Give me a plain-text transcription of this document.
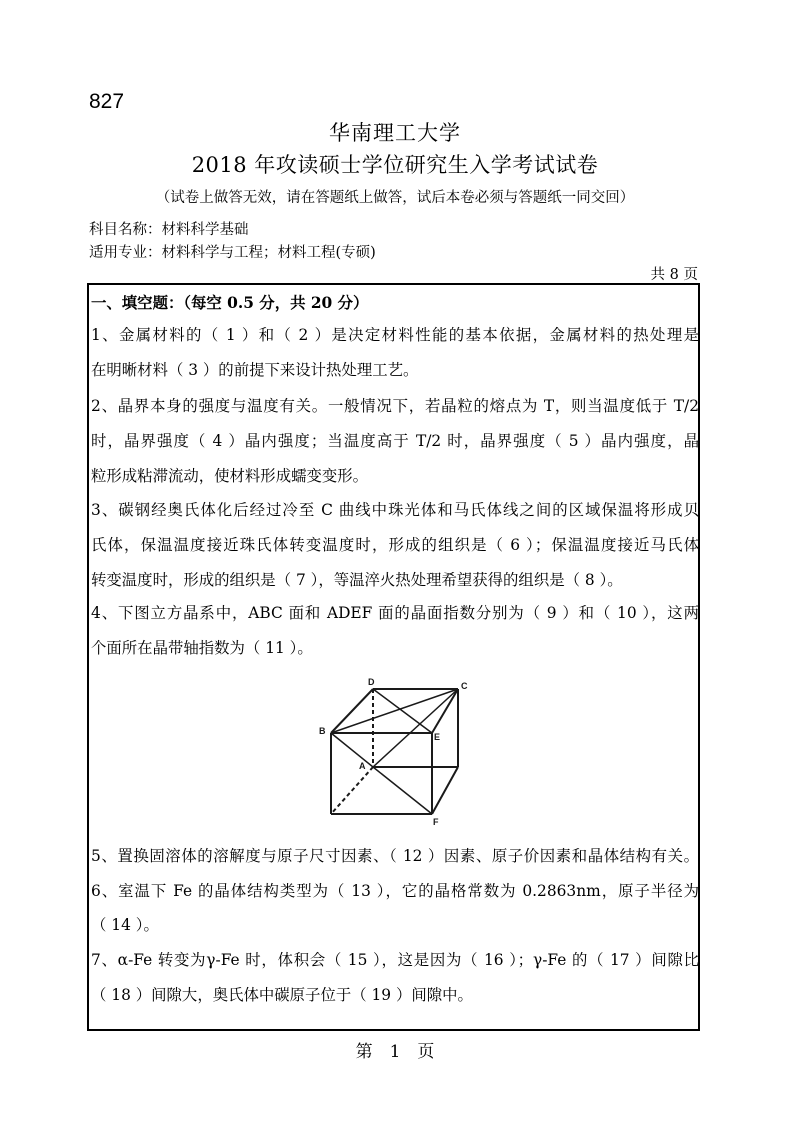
827
华南理工大学
2018 年攻读硕士学位研究生入学考试试卷
（试卷上做答无效，请在答题纸上做答，试后本卷必须与答题纸一同交回）
科目名称：材料科学基础
适用专业：材料科学与工程；材料工程(专硕)
共 8 页
一、填空题：（每空 0.5 分，共 20 分）
1、金属材料的（ 1 ）和（ 2 ）是决定材料性能的基本依据，金属材料的热处理是
在明晰材料（ 3 ）的前提下来设计热处理工艺。
2、晶界本身的强度与温度有关。一般情况下，若晶粒的熔点为 T，则当温度低于 T/2
时，晶界强度（ 4 ）晶内强度；当温度高于 T/2 时，晶界强度（ 5 ）晶内强度，晶
粒形成粘滞流动，使材料形成蠕变变形。
3、碳钢经奥氏体化后经过冷至 C 曲线中珠光体和马氏体线之间的区域保温将形成贝
氏体，保温温度接近珠氏体转变温度时，形成的组织是（ 6 ）；保温温度接近马氏体
转变温度时，形成的组织是（ 7 ），等温淬火热处理希望获得的组织是（ 8 ）。
4、下图立方晶系中，ABC 面和 ADEF 面的晶面指数分别为（ 9 ）和（ 10 ），这两
个面所在晶带轴指数为（ 11 ）。
D	C
B
E
A
F
5、置换固溶体的溶解度与原子尺寸因素、（ 12 ）因素、原子价因素和晶体结构有关。
6、室温下 Fe 的晶体结构类型为（ 13 ），它的晶格常数为 0.2863nm，原子半径为
（ 14 ）。
7、α-Fe 转变为γ-Fe 时，体积会（ 15 ），这是因为（ 16 ）；γ-Fe 的（ 17 ）间隙比
（ 18 ）间隙大，奥氏体中碳原子位于（ 19 ）间隙中。
第　1　页
